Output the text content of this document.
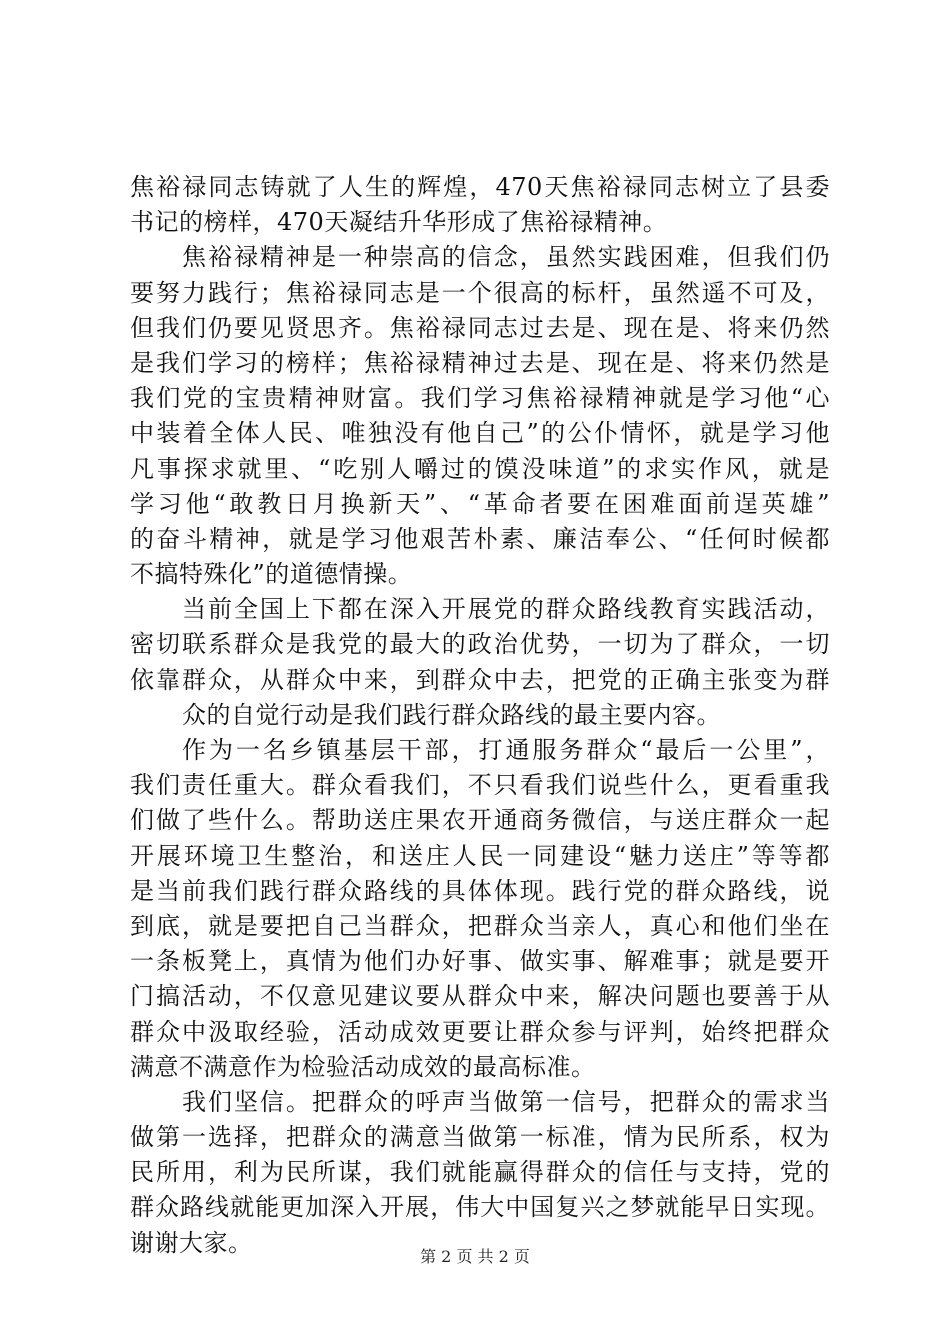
焦裕禄同志铸就了人生的辉煌，470天焦裕禄同志树立了县委
书记的榜样，470天凝结升华形成了焦裕禄精神。
焦裕禄精神是一种崇高的信念，虽然实践困难，但我们仍
要努力践行；焦裕禄同志是一个很高的标杆，虽然遥不可及，
但我们仍要见贤思齐。焦裕禄同志过去是、现在是、将来仍然
是我们学习的榜样；焦裕禄精神过去是、现在是、将来仍然是
我们党的宝贵精神财富。我们学习焦裕禄精神就是学习他“心
中装着全体人民、唯独没有他自己”的公仆情怀，就是学习他
凡事探求就里、“吃别人嚼过的馍没味道”的求实作风，就是
学习他“敢教日月换新天”、“革命者要在困难面前逞英雄”
的奋斗精神，就是学习他艰苦朴素、廉洁奉公、“任何时候都
不搞特殊化”的道德情操。
当前全国上下都在深入开展党的群众路线教育实践活动，
密切联系群众是我党的最大的政治优势，一切为了群众，一切
依靠群众，从群众中来，到群众中去，把党的正确主张变为群
众的自觉行动是我们践行群众路线的最主要内容。
作为一名乡镇基层干部，打通服务群众“最后一公里”，
我们责任重大。群众看我们，不只看我们说些什么，更看重我
们做了些什么。帮助送庄果农开通商务微信，与送庄群众一起
开展环境卫生整治，和送庄人民一同建设“魅力送庄”等等都
是当前我们践行群众路线的具体体现。践行党的群众路线，说
到底，就是要把自己当群众，把群众当亲人，真心和他们坐在
一条板凳上，真情为他们办好事、做实事、解难事；就是要开
门搞活动，不仅意见建议要从群众中来，解决问题也要善于从
群众中汲取经验，活动成效更要让群众参与评判，始终把群众
满意不满意作为检验活动成效的最高标准。
我们坚信。把群众的呼声当做第一信号，把群众的需求当
做第一选择，把群众的满意当做第一标准，情为民所系，权为
民所用，利为民所谋，我们就能赢得群众的信任与支持，党的
群众路线就能更加深入开展，伟大中国复兴之梦就能早日实现。
谢谢大家。	第 2 页 共 2 页
